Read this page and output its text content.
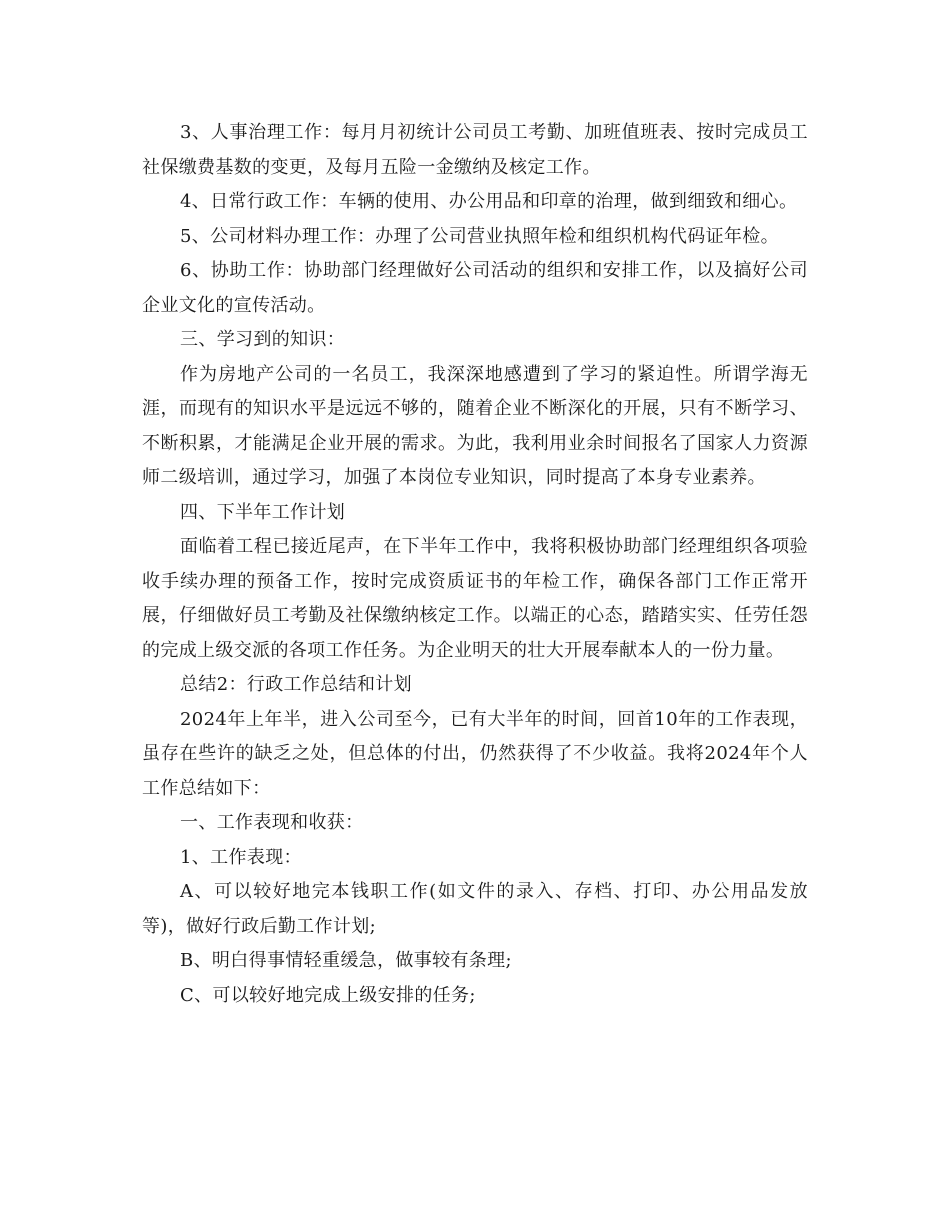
3、人事治理工作：每月月初统计公司员工考勤、加班值班表、按时完成员工社保缴费基数的变更，及每月五险一金缴纳及核定工作。

4、日常行政工作：车辆的使用、办公用品和印章的治理，做到细致和细心。

5、公司材料办理工作：办理了公司营业执照年检和组织机构代码证年检。

6、协助工作：协助部门经理做好公司活动的组织和安排工作，以及搞好公司企业文化的宣传活动。

三、学习到的知识：

作为房地产公司的一名员工，我深深地感遭到了学习的紧迫性。所谓学海无涯，而现有的知识水平是远远不够的，随着企业不断深化的开展，只有不断学习、不断积累，才能满足企业开展的需求。为此，我利用业余时间报名了国家人力资源师二级培训，通过学习，加强了本岗位专业知识，同时提高了本身专业素养。

四、下半年工作计划

面临着工程已接近尾声，在下半年工作中，我将积极协助部门经理组织各项验收手续办理的预备工作，按时完成资质证书的年检工作，确保各部门工作正常开展，仔细做好员工考勤及社保缴纳核定工作。以端正的心态，踏踏实实、任劳任怨的完成上级交派的各项工作任务。为企业明天的壮大开展奉献本人的一份力量。

总结2：行政工作总结和计划

2024年上年半，进入公司至今，已有大半年的时间，回首10年的工作表现，虽存在些许的缺乏之处，但总体的付出，仍然获得了不少收益。我将2024年个人工作总结如下：

一、工作表现和收获：

1、工作表现：

A、可以较好地完本钱职工作(如文件的录入、存档、打印、办公用品发放等)，做好行政后勤工作计划;

B、明白得事情轻重缓急，做事较有条理;

C、可以较好地完成上级安排的任务;
